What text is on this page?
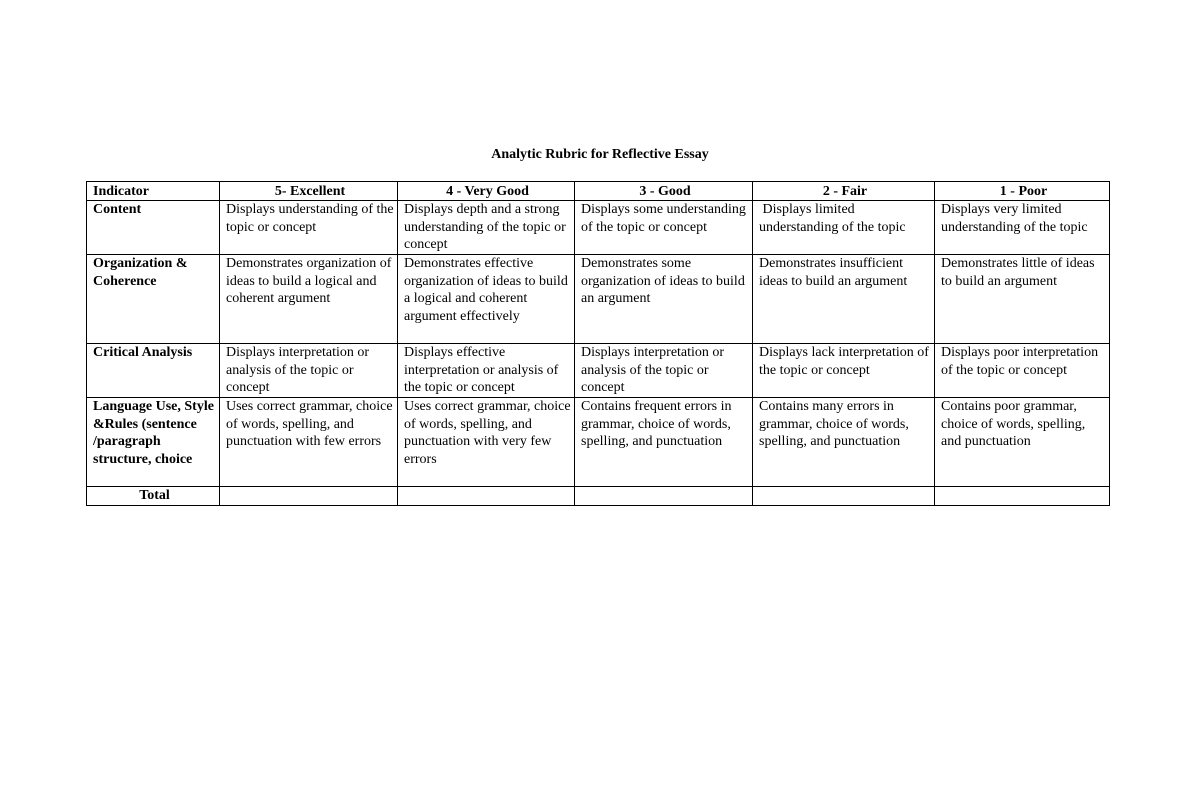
Analytic Rubric for Reflective Essay
Indicator	5- Excellent	4 - Very Good	3 - Good	2 - Fair	1 - Poor
Content	Displays understanding of the topic or concept	Displays depth and a strong understanding of the topic or concept	Displays some understanding of the topic or concept	Displays limited understanding of the topic	Displays very limited understanding of the topic
Organization & Coherence	Demonstrates organization of ideas to build a logical and coherent argument	Demonstrates effective organization of ideas to build a logical and coherent argument effectively	Demonstrates some organization of ideas to build an argument	Demonstrates insufficient ideas to build an argument	Demonstrates little of ideas to build an argument
Critical Analysis	Displays interpretation or analysis of the topic or concept	Displays effective interpretation or analysis of the topic or concept	Displays interpretation or analysis of the topic or concept	Displays lack interpretation of the topic or concept	Displays poor interpretation of the topic or concept
Language Use, Style &Rules (sentence /paragraph structure, choice	Uses correct grammar, choice of words, spelling, and punctuation with few errors	Uses correct grammar, choice of words, spelling, and punctuation with very few errors	Contains frequent errors in grammar, choice of words, spelling, and punctuation	Contains many errors in grammar, choice of words, spelling, and punctuation	Contains poor grammar, choice of words, spelling, and punctuation
Total					
